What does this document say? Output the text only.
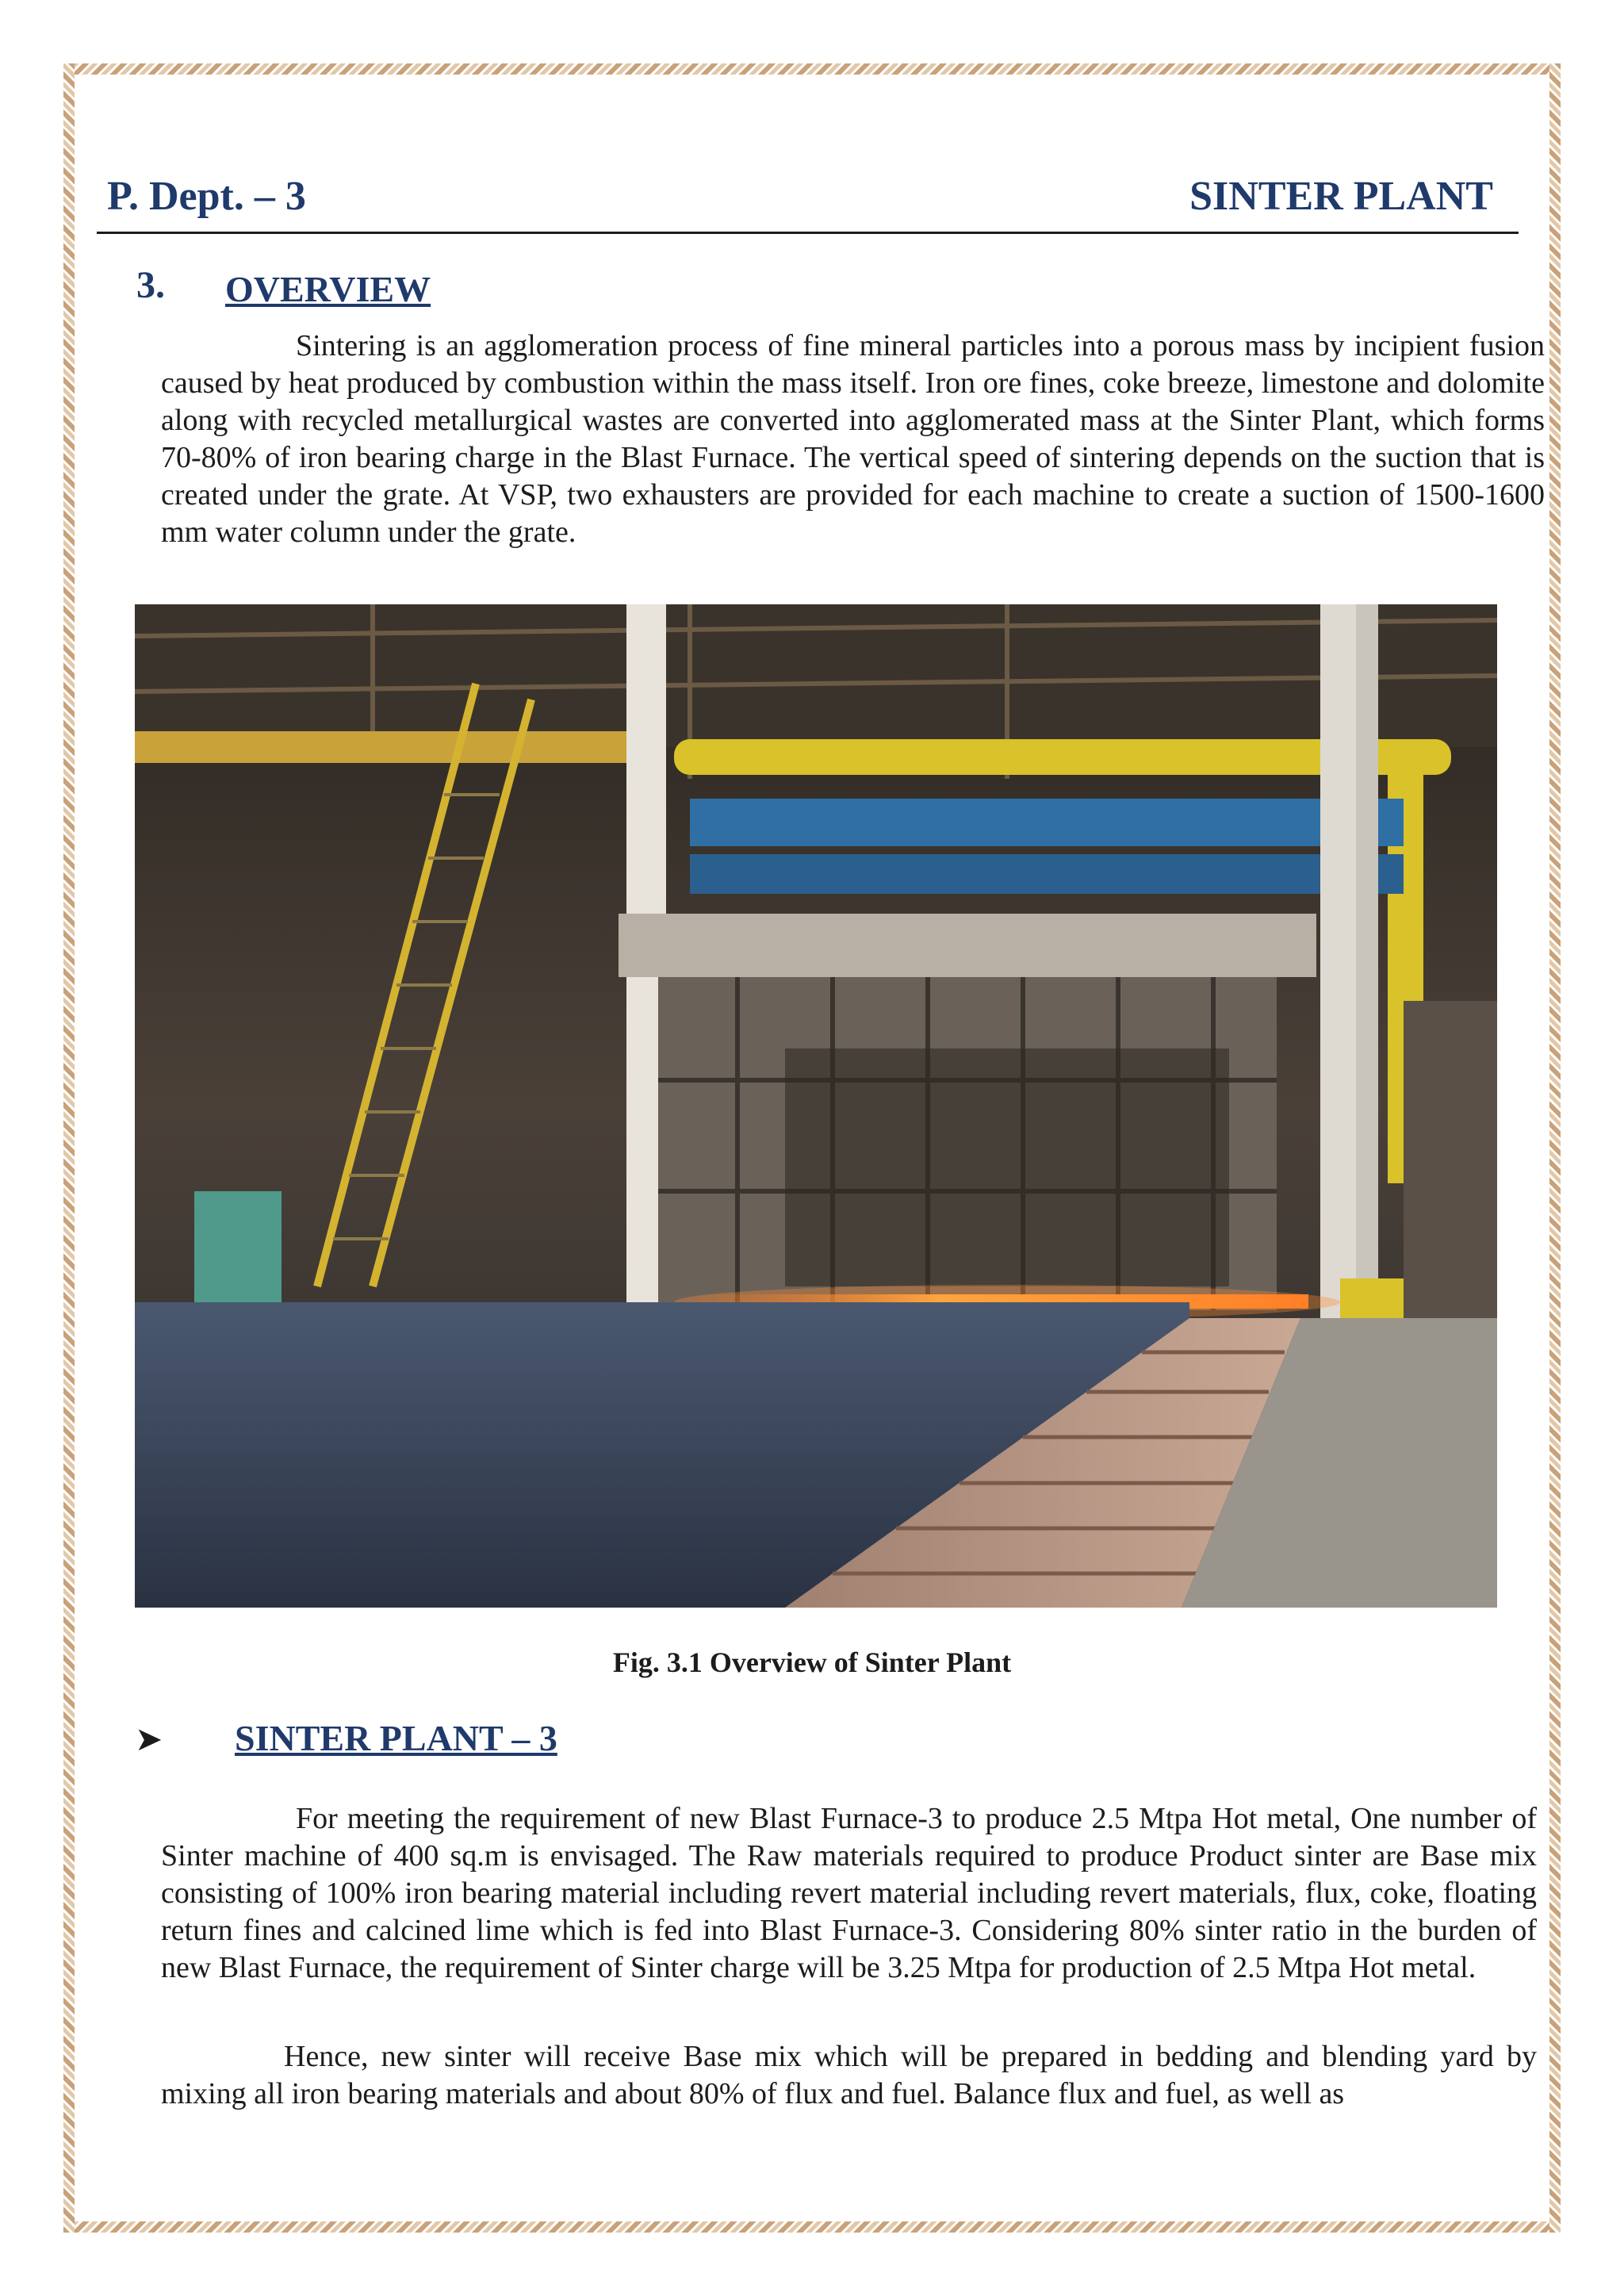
P. Dept. – 3	SINTER PLANT
3. OVERVIEW

Sintering is an agglomeration process of fine mineral particles into a porous mass by incipient fusion caused by heat produced by combustion within the mass itself. Iron ore fines, coke breeze, limestone and dolomite along with recycled metallurgical wastes are converted into agglomerated mass at the Sinter Plant, which forms 70-80% of iron bearing charge in the Blast Furnace. The vertical speed of sintering depends on the suction that is created under the grate. At VSP, two exhausters are provided for each machine to create a suction of 1500-1600 mm water column under the grate.

Fig. 3.1 Overview of Sinter Plant
➤ SINTER PLANT – 3

For meeting the requirement of new Blast Furnace-3 to produce 2.5 Mtpa Hot metal, One number of Sinter machine of 400 sq.m is envisaged. The Raw materials required to produce Product sinter are Base mix consisting of 100% iron bearing material including revert material including revert materials, flux, coke, floating return fines and calcined lime which is fed into Blast Furnace-3. Considering 80% sinter ratio in the burden of new Blast Furnace, the requirement of Sinter charge will be 3.25 Mtpa for production of 2.5 Mtpa Hot metal.

Hence, new sinter will receive Base mix which will be prepared in bedding and blending yard by mixing all iron bearing materials and about 80% of flux and fuel. Balance flux and fuel, as well as
